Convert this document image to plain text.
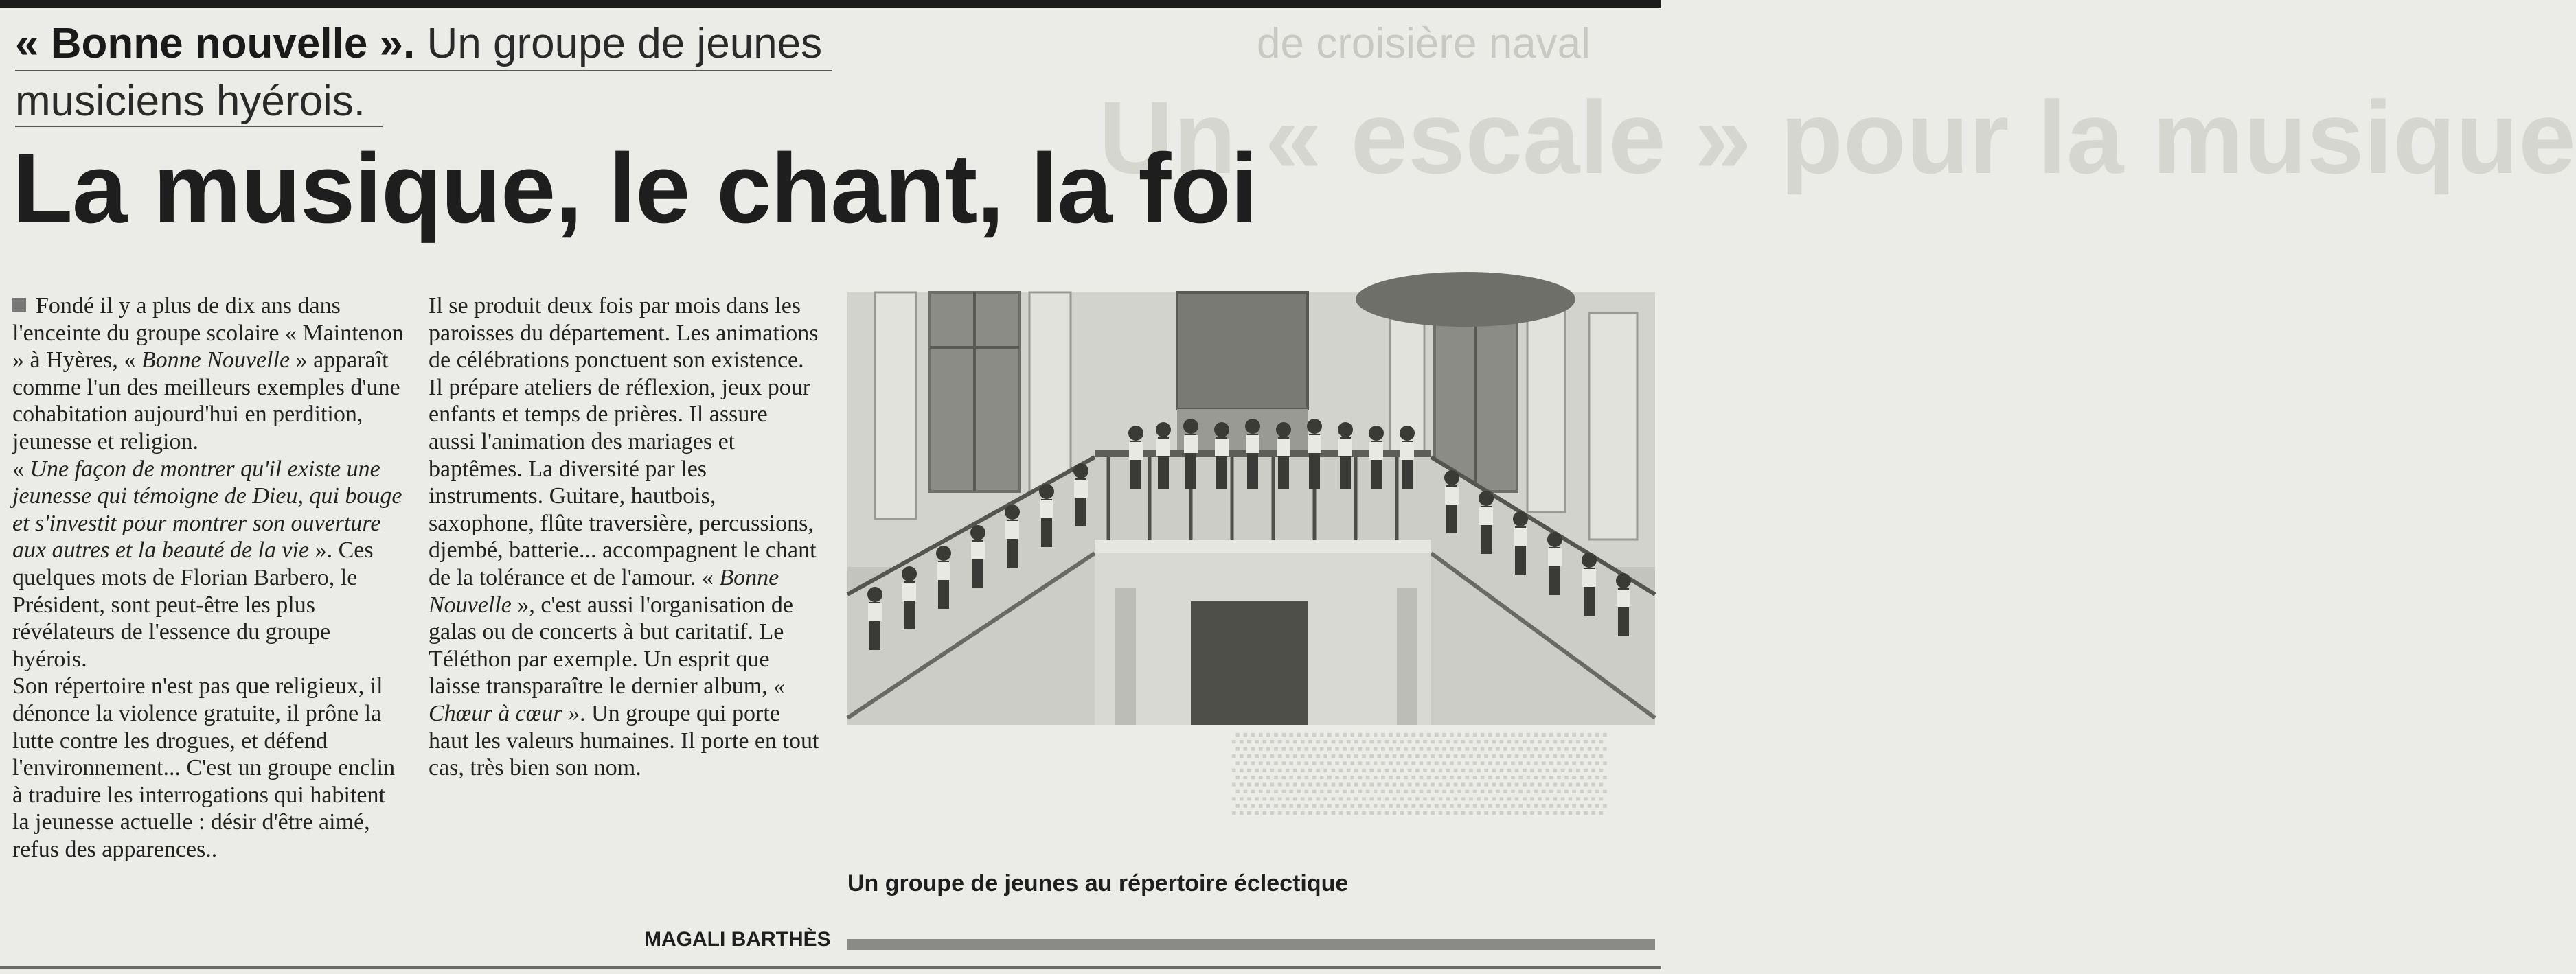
de croisière naval
Un « escale » pour la musique
« Bonne nouvelle ». Un groupe de jeunes
musiciens hyérois.
La musique, le chant, la foi

Fondé il y a plus de dix ans dans l'enceinte du groupe scolaire « Maintenon » à Hyères, « Bonne Nouvelle » apparaît comme l'un des meilleurs exemples d'une cohabitation aujourd'hui en perdition, jeunesse et religion.

« Une façon de montrer qu'il existe une jeunesse qui témoigne de Dieu, qui bouge et s'investit pour montrer son ouverture aux autres et la beauté de la vie ». Ces quelques mots de Florian Barbero, le Président, sont peut-être les plus révélateurs de l'essence du groupe hyérois.

Son répertoire n'est pas que religieux, il dénonce la violence gratuite, il prône la lutte contre les drogues, et défend l'environnement... C'est un groupe enclin à traduire les interrogations qui habitent la jeunesse actuelle : désir d'être aimé, refus des apparences..

Il se produit deux fois par mois dans les paroisses du département. Les animations de célébrations ponctuent son existence. Il prépare ateliers de réflexion, jeux pour enfants et temps de prières. Il assure aussi l'animation des mariages et baptêmes. La diversité par les instruments. Guitare, hautbois, saxophone, flûte traversière, percussions, djembé, batterie... accompagnent le chant de la tolérance et de l'amour. « Bonne Nouvelle », c'est aussi l'organisation de galas ou de concerts à but caritatif. Le Téléthon par exemple. Un esprit que laisse transparaître le dernier album, « Chœur à cœur ». Un groupe qui porte haut les valeurs humaines. Il porte en tout cas, très bien son nom.	▒▒▒▒▒▒▒
Un groupe de jeunes au répertoire éclectique
MAGALI BARTHÈS
